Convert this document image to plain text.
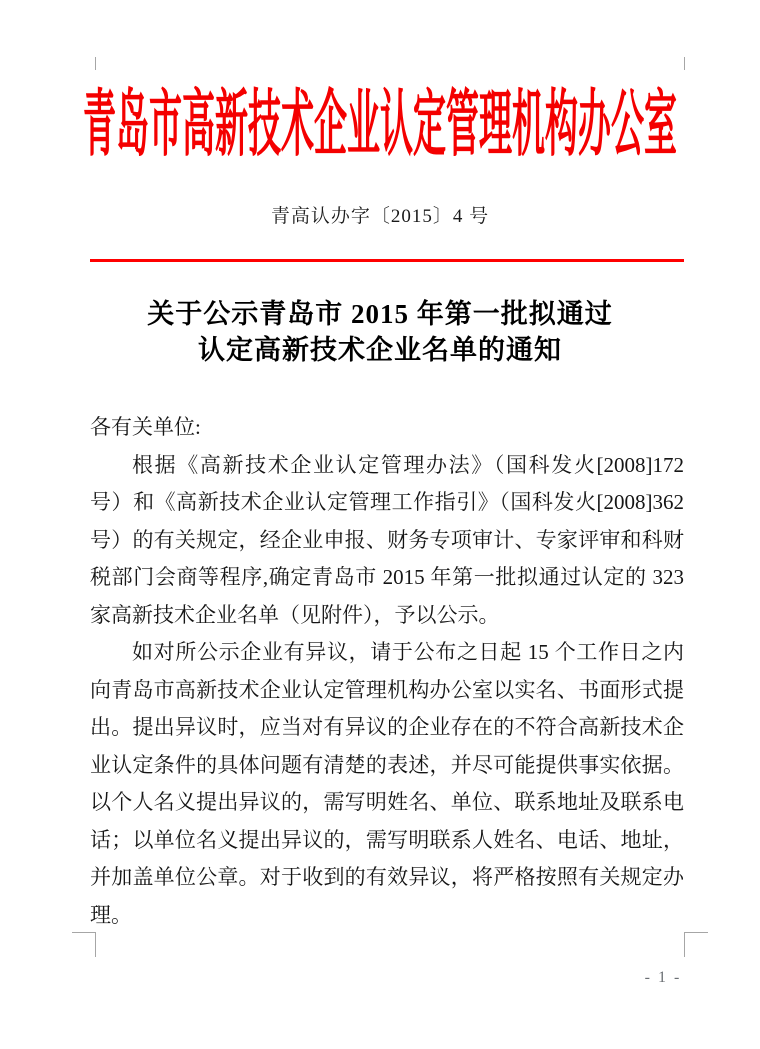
青岛市高新技术企业认定管理机构办公室
青高认办字〔2015〕4 号
关于公示青岛市 2015 年第一批拟通过
认定高新技术企业名单的通知
各有关单位:
根据《高新技术企业认定管理办法》（国科发火[2008]172
号）和《高新技术企业认定管理工作指引》（国科发火[2008]362
号）的有关规定，经企业申报、财务专项审计、专家评审和科财
税部门会商等程序,确定青岛市 2015 年第一批拟通过认定的 323
家高新技术企业名单（见附件），予以公示。
如对所公示企业有异议，请于公布之日起 15 个工作日之内
向青岛市高新技术企业认定管理机构办公室以实名、书面形式提
出。提出异议时，应当对有异议的企业存在的不符合高新技术企
业认定条件的具体问题有清楚的表述，并尽可能提供事实依据。
以个人名义提出异议的，需写明姓名、单位、联系地址及联系电
话；以单位名义提出异议的，需写明联系人姓名、电话、地址，
并加盖单位公章。对于收到的有效异议，将严格按照有关规定办
理。
- 1 -
